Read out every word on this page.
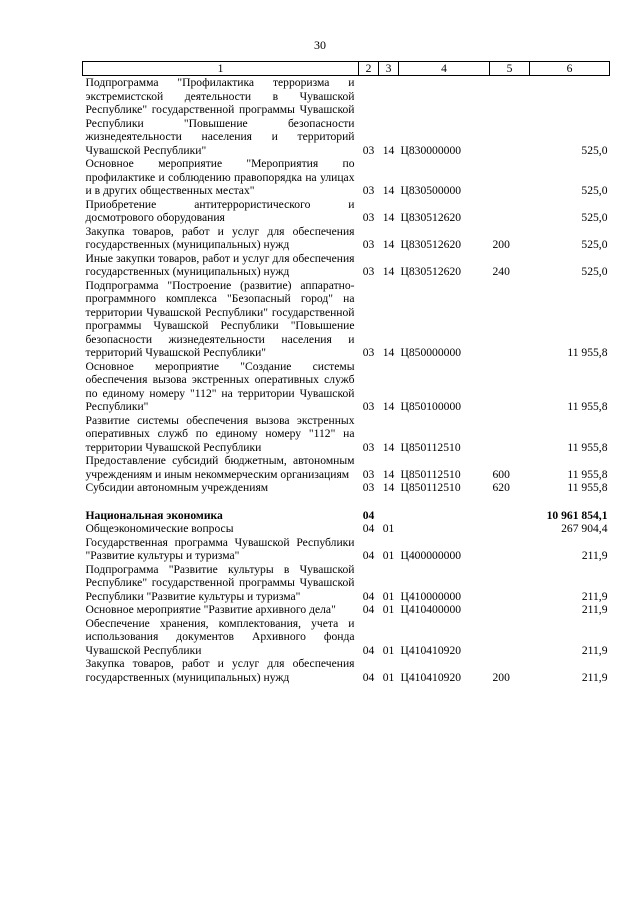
30
1	2	3	4	5	6
Подпрограмма "Профилактика терроризма и экстремистской деятельности в Чувашской Республике" государственной программы Чувашской Республики "Повышение безопасности жизнедеятельности населения и территорий Чувашской Республики"	03	14	Ц830000000		525,0
Основное мероприятие "Мероприятия по профилактике и соблюдению правопорядка на улицах и в других общественных местах"	03	14	Ц830500000		525,0
Приобретение антитеррористического и досмотрового оборудования	03	14	Ц830512620		525,0
Закупка товаров, работ и услуг для обеспечения государственных (муниципальных) нужд	03	14	Ц830512620	200	525,0
Иные закупки товаров, работ и услуг для обеспечения государственных (муниципальных) нужд	03	14	Ц830512620	240	525,0
Подпрограмма "Построение (развитие) аппаратно-программного комплекса "Безопасный город" на территории Чувашской Республики" государственной программы Чувашской Республики "Повышение безопасности жизнедеятельности населения и территорий Чувашской Республики"	03	14	Ц850000000		11 955,8
Основное мероприятие "Создание системы обеспечения вызова экстренных оперативных служб по единому номеру "112" на территории Чувашской Республики"	03	14	Ц850100000		11 955,8
Развитие системы обеспечения вызова экстренных оперативных служб по единому номеру "112" на территории Чувашской Республики	03	14	Ц850112510		11 955,8
Предоставление субсидий бюджетным, автономным учреждениям и иным некоммерческим организациям	03	14	Ц850112510	600	11 955,8
Субсидии автономным учреждениям	03	14	Ц850112510	620	11 955,8

Национальная экономика	04				10 961 854,1
Общеэкономические вопросы	04	01			267 904,4
Государственная программа Чувашской Республики "Развитие культуры и туризма"	04	01	Ц400000000		211,9
Подпрограмма "Развитие культуры в Чувашской Республике" государственной программы Чувашской Республики "Развитие культуры и туризма"	04	01	Ц410000000		211,9
Основное мероприятие "Развитие архивного дела"	04	01	Ц410400000		211,9
Обеспечение хранения, комплектования, учета и использования документов Архивного фонда Чувашской Республики	04	01	Ц410410920		211,9
Закупка товаров, работ и услуг для обеспечения государственных (муниципальных) нужд	04	01	Ц410410920	200	211,9
